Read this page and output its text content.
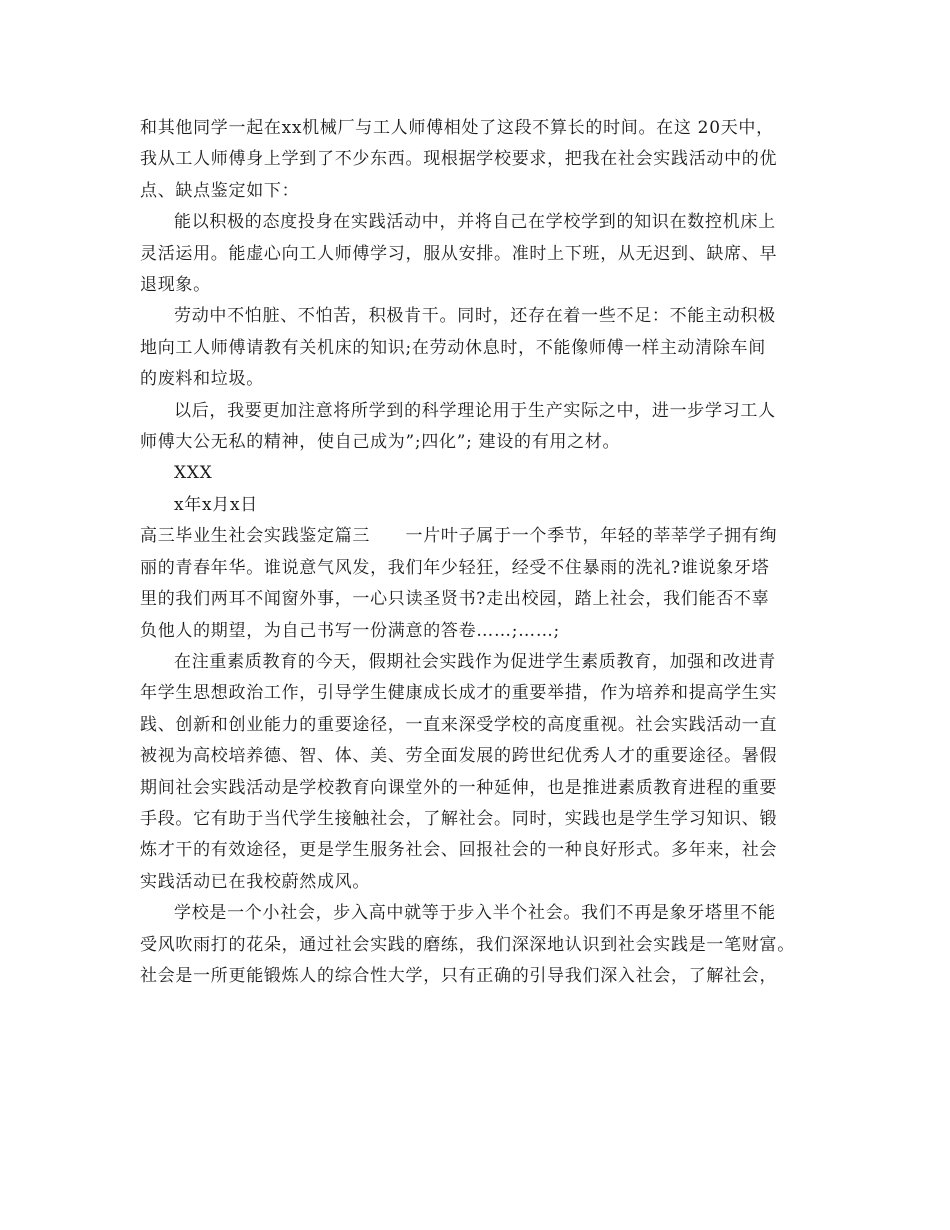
和其他同学一起在xx机械厂与工人师傅相处了这段不算长的时间。在这 20天中，
我从工人师傅身上学到了不少东西。现根据学校要求，把我在社会实践活动中的优
点、缺点鉴定如下：

能以积极的态度投身在实践活动中，并将自己在学校学到的知识在数控机床上
灵活运用。能虚心向工人师傅学习，服从安排。准时上下班，从无迟到、缺席、早
退现象。

劳动中不怕脏、不怕苦，积极肯干。同时，还存在着一些不足：不能主动积极
地向工人师傅请教有关机床的知识;在劳动休息时，不能像师傅一样主动清除车间
的废料和垃圾。

以后，我要更加注意将所学到的科学理论用于生产实际之中，进一步学习工人
师傅大公无私的精神，使自己成为”;四化”; 建设的有用之材。

XXX

x年x月x日

高三毕业生社会实践鉴定篇三　　一片叶子属于一个季节，年轻的莘莘学子拥有绚
丽的青春年华。谁说意气风发，我们年少轻狂，经受不住暴雨的洗礼?谁说象牙塔
里的我们两耳不闻窗外事，一心只读圣贤书?走出校园，踏上社会，我们能否不辜
负他人的期望，为自己书写一份满意的答卷……;……;

在注重素质教育的今天，假期社会实践作为促进学生素质教育，加强和改进青
年学生思想政治工作，引导学生健康成长成才的重要举措，作为培养和提高学生实
践、创新和创业能力的重要途径，一直来深受学校的高度重视。社会实践活动一直
被视为高校培养德、智、体、美、劳全面发展的跨世纪优秀人才的重要途径。暑假
期间社会实践活动是学校教育向课堂外的一种延伸，也是推进素质教育进程的重要
手段。它有助于当代学生接触社会，了解社会。同时，实践也是学生学习知识、锻
炼才干的有效途径，更是学生服务社会、回报社会的一种良好形式。多年来，社会
实践活动已在我校蔚然成风。

学校是一个小社会，步入高中就等于步入半个社会。我们不再是象牙塔里不能
受风吹雨打的花朵，通过社会实践的磨练，我们深深地认识到社会实践是一笔财富。
社会是一所更能锻炼人的综合性大学，只有正确的引导我们深入社会，了解社会，
